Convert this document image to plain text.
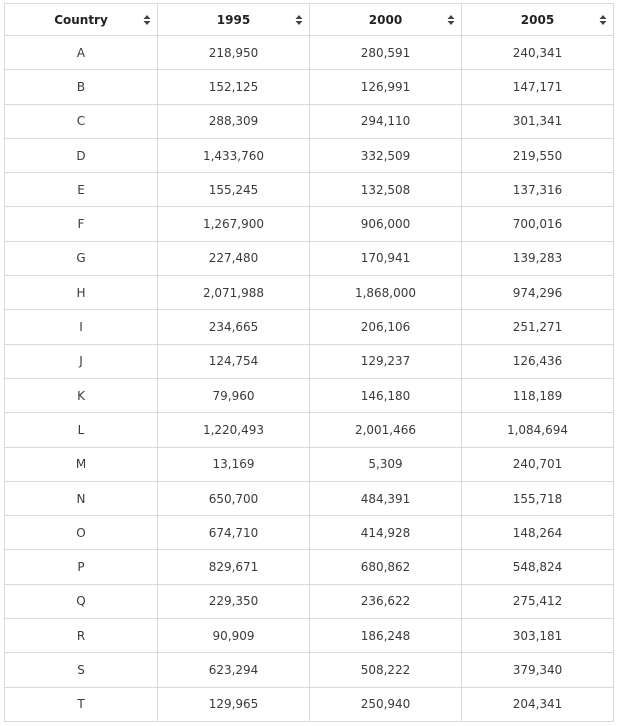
Country	1995	2000	2005

A	218,950	280,591	240,341
B	152,125	126,991	147,171
C	288,309	294,110	301,341
D	1,433,760	332,509	219,550
E	155,245	132,508	137,316
F	1,267,900	906,000	700,016
G	227,480	170,941	139,283
H	2,071,988	1,868,000	974,296
I	234,665	206,106	251,271
J	124,754	129,237	126,436
K	79,960	146,180	118,189
L	1,220,493	2,001,466	1,084,694
M	13,169	5,309	240,701
N	650,700	484,391	155,718
O	674,710	414,928	148,264
P	829,671	680,862	548,824
Q	229,350	236,622	275,412
R	90,909	186,248	303,181
S	623,294	508,222	379,340
T	129,965	250,940	204,341
